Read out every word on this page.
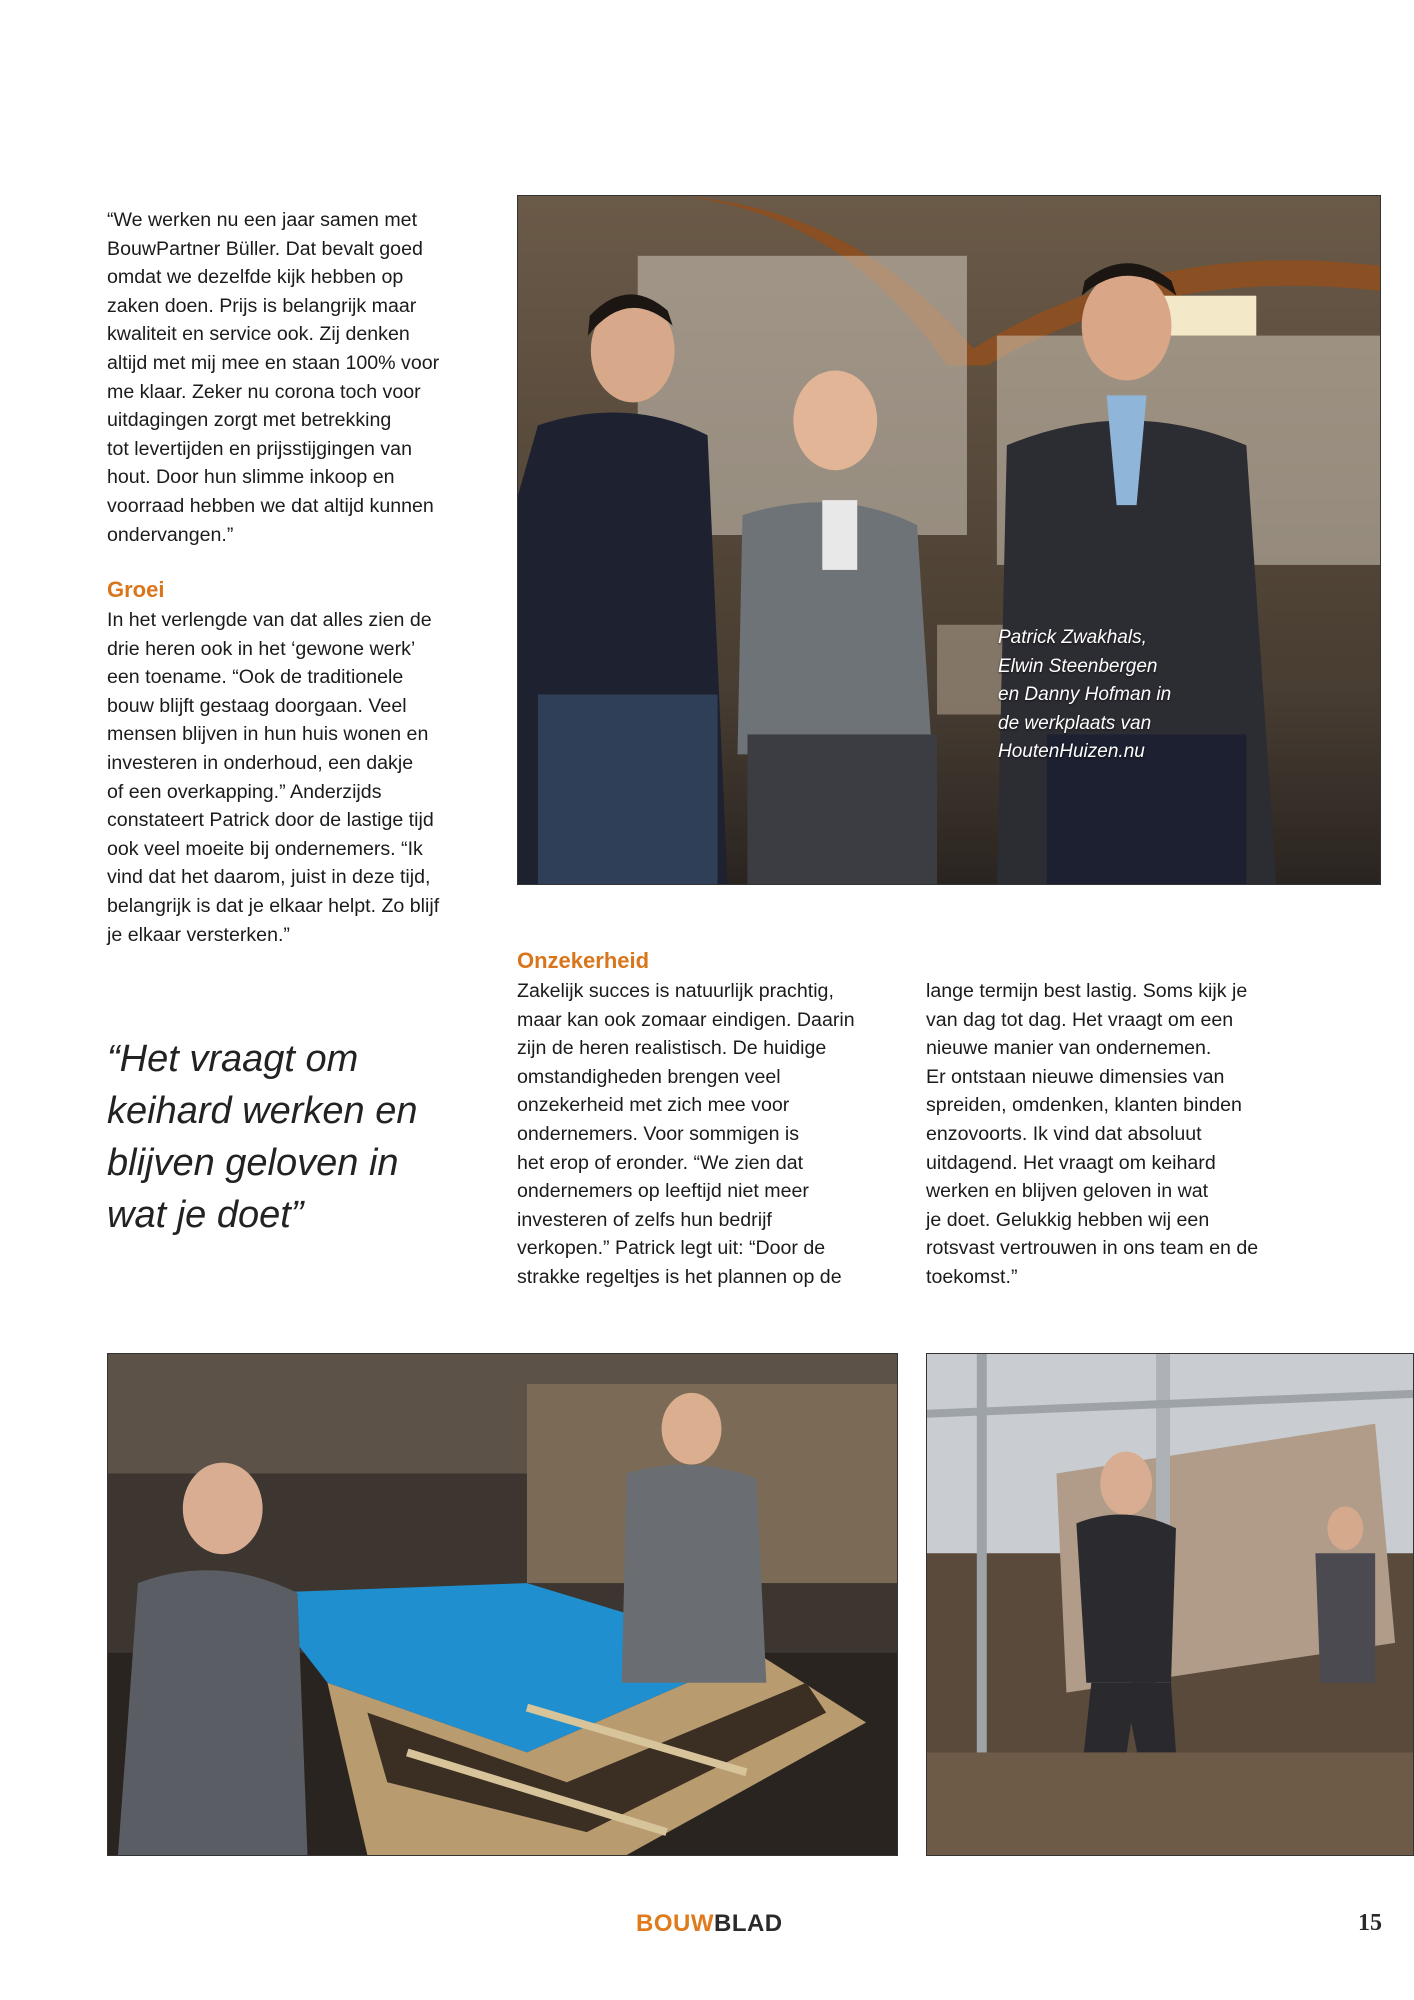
“We werken nu een jaar samen met
BouwPartner Büller. Dat bevalt goed
omdat we dezelfde kijk hebben op
zaken doen. Prijs is belangrijk maar
kwaliteit en service ook. Zij denken
altijd met mij mee en staan 100% voor
me klaar. Zeker nu corona toch voor
uitdagingen zorgt met betrekking
tot levertijden en prijsstijgingen van
hout. Door hun slimme inkoop en
voorraad hebben we dat altijd kunnen
ondervangen.”

Groei

In het verlengde van dat alles zien de
drie heren ook in het ‘gewone werk’
een toename. “Ook de traditionele
bouw blijft gestaag doorgaan. Veel
mensen blijven in hun huis wonen en
investeren in onderhoud, een dakje
of een overkapping.” Anderzijds
constateert Patrick door de lastige tijd
ook veel moeite bij ondernemers. “Ik
vind dat het daarom, juist in deze tijd,
belangrijk is dat je elkaar helpt. Zo blijf
je elkaar versterken.”

“Het vraagt om
keihard werken en
blijven geloven in
wat je doet”
Patrick Zwakhals,
Elwin Steenbergen
en Danny Hofman in
de werkplaats van
HoutenHuizen.nu
Onzekerheid

Zakelijk succes is natuurlijk prachtig,
maar kan ook zomaar eindigen. Daarin
zijn de heren realistisch. De huidige
omstandigheden brengen veel
onzekerheid met zich mee voor
ondernemers. Voor sommigen is
het erop of eronder. “We zien dat
ondernemers op leeftijd niet meer
investeren of zelfs hun bedrijf
verkopen.” Patrick legt uit: “Door de
strakke regeltjes is het plannen op de

lange termijn best lastig. Soms kijk je
van dag tot dag. Het vraagt om een
nieuwe manier van ondernemen.
Er ontstaan nieuwe dimensies van
spreiden, omdenken, klanten binden
enzovoorts. Ik vind dat absoluut
uitdagend. Het vraagt om keihard
werken en blijven geloven in wat
je doet. Gelukkig hebben wij een
rotsvast vertrouwen in ons team en de
toekomst.”

BOUWBLAD	15
